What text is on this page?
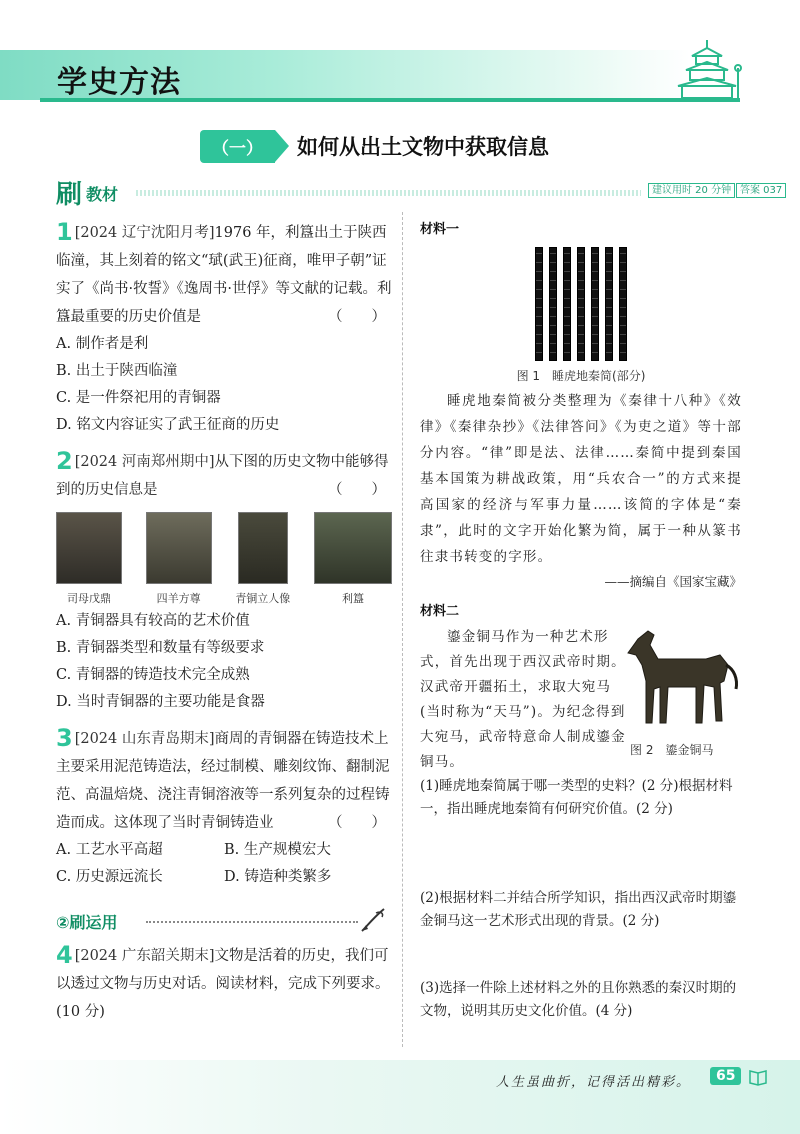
学史方法
（一）	如何从出土文物中获取信息
刷 教材	建议用时 20 分钟 答案 037
1 [2024 辽宁沈阳月考]1976 年，利簋出土于陕西临潼，其上刻着的铭文“珷(武王)征商，唯甲子朝”证实了《尚书·牧誓》《逸周书·世俘》等文献的记载。利簋最重要的历史价值是	（　　）
A. 制作者是利
B. 出土于陕西临潼
C. 是一件祭祀用的青铜器
D. 铭文内容证实了武王征商的历史
2 [2024 河南郑州期中]从下图的历史文物中能够得到的历史信息是	（　　）
司母戊鼎	四羊方尊	青铜立人像	利簋
A. 青铜器具有较高的艺术价值
B. 青铜器类型和数量有等级要求
C. 青铜器的铸造技术完全成熟
D. 当时青铜器的主要功能是食器
3 [2024 山东青岛期末]商周的青铜器在铸造技术上主要采用泥范铸造法，经过制模、雕刻纹饰、翻制泥范、高温焙烧、浇注青铜溶液等一系列复杂的过程铸造而成。这体现了当时青铜铸造业	（　　）
A. 工艺水平高超	B. 生产规模宏大
C. 历史源远流长	D. 铸造种类繁多
②刷运用
4 [2024 广东韶关期末]文物是活着的历史，我们可以透过文物与历史对话。阅读材料，完成下列要求。(10 分)
材料一
图 1　睡虎地秦简(部分)
睡虎地秦简被分类整理为《秦律十八种》《效律》《秦律杂抄》《法律答问》《为吏之道》等十部分内容。“律”即是法、法律……秦简中提到秦国基本国策为耕战政策，用“兵农合一”的方式来提高国家的经济与军事力量……该简的字体是“秦隶”，此时的文字开始化繁为简，属于一种从篆书往隶书转变的字形。
——摘编自《国家宝藏》
材料二
鎏金铜马作为一种艺术形式，首先出现于西汉武帝时期。汉武帝开疆拓土，求取大宛马(当时称为“天马”)。为纪念得到大宛马，武帝特意命人制成鎏金铜马。
图 2　鎏金铜马
(1)睡虎地秦简属于哪一类型的史料？(2 分)根据材料一，指出睡虎地秦简有何研究价值。(2 分)
(2)根据材料二并结合所学知识，指出西汉武帝时期鎏金铜马这一艺术形式出现的背景。(2 分)
(3)选择一件除上述材料之外的且你熟悉的秦汉时期的文物，说明其历史文化价值。(4 分)
人生虽曲折，记得活出精彩。	65
